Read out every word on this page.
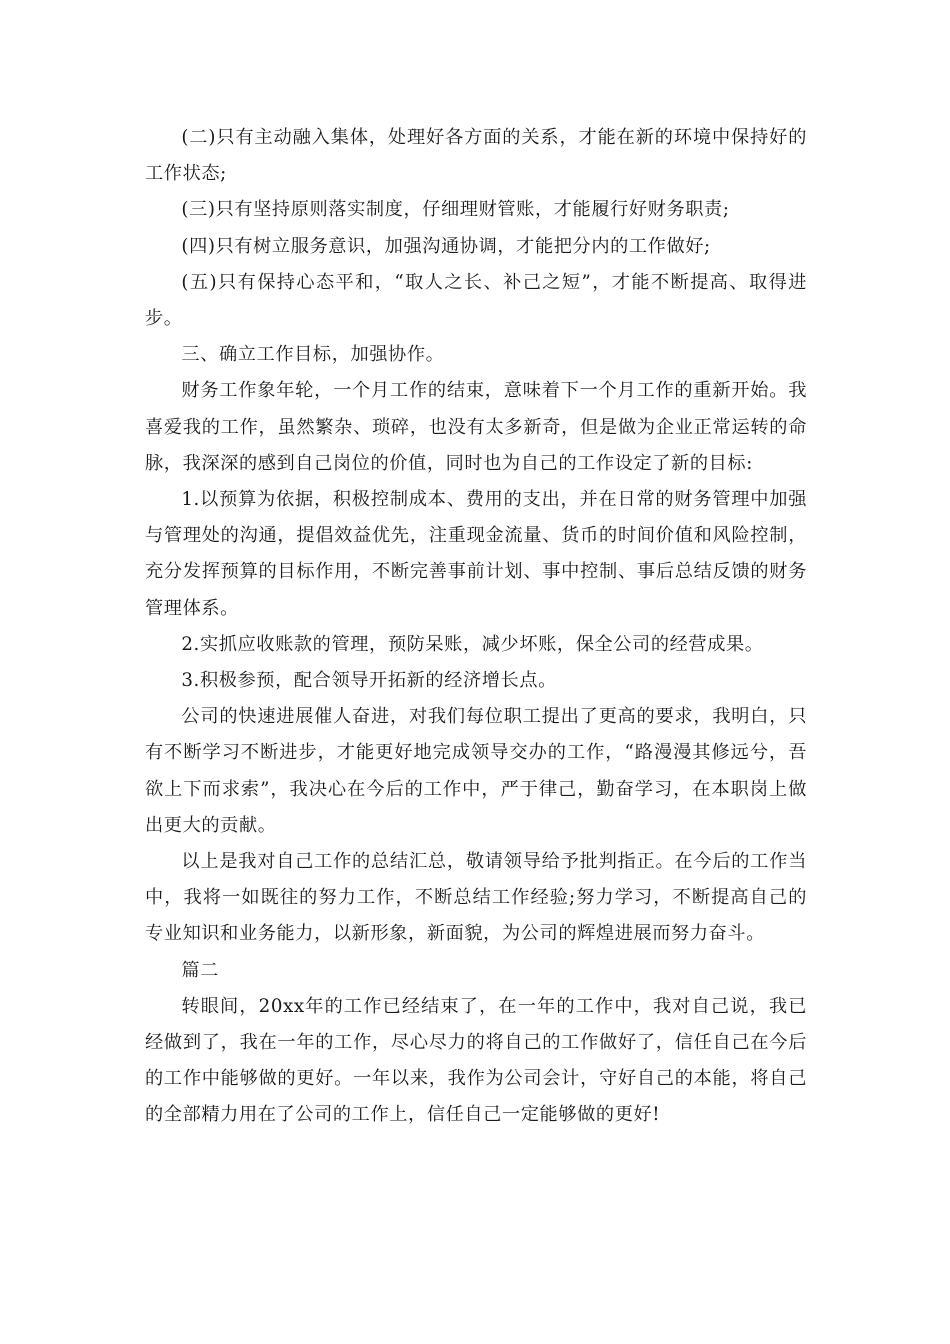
(二)只有主动融入集体，处理好各方面的关系，才能在新的环境中保持好的工作状态;

(三)只有坚持原则落实制度，仔细理财管账，才能履行好财务职责;

(四)只有树立服务意识，加强沟通协调，才能把分内的工作做好;

(五)只有保持心态平和，“取人之长、补己之短”，才能不断提高、取得进步。

三、确立工作目标，加强协作。

财务工作象年轮，一个月工作的结束，意味着下一个月工作的重新开始。我喜爱我的工作，虽然繁杂、琐碎，也没有太多新奇，但是做为企业正常运转的命脉，我深深的感到自己岗位的价值，同时也为自己的工作设定了新的目标:

1.以预算为依据，积极控制成本、费用的支出，并在日常的财务管理中加强与管理处的沟通，提倡效益优先，注重现金流量、货币的时间价值和风险控制，充分发挥预算的目标作用，不断完善事前计划、事中控制、事后总结反馈的财务管理体系。

2.实抓应收账款的管理，预防呆账，减少坏账，保全公司的经营成果。

3.积极参预，配合领导开拓新的经济增长点。

公司的快速进展催人奋进，对我们每位职工提出了更高的要求，我明白，只有不断学习不断进步，才能更好地完成领导交办的工作，“路漫漫其修远兮，吾欲上下而求索”，我决心在今后的工作中，严于律己，勤奋学习，在本职岗上做出更大的贡献。

以上是我对自己工作的总结汇总，敬请领导给予批判指正。在今后的工作当中，我将一如既往的努力工作，不断总结工作经验;努力学习，不断提高自己的专业知识和业务能力，以新形象，新面貌，为公司的辉煌进展而努力奋斗。

篇二

转眼间，20xx年的工作已经结束了，在一年的工作中，我对自己说，我已经做到了，我在一年的工作，尽心尽力的将自己的工作做好了，信任自己在今后的工作中能够做的更好。一年以来，我作为公司会计，守好自己的本能，将自己的全部精力用在了公司的工作上，信任自己一定能够做的更好!
